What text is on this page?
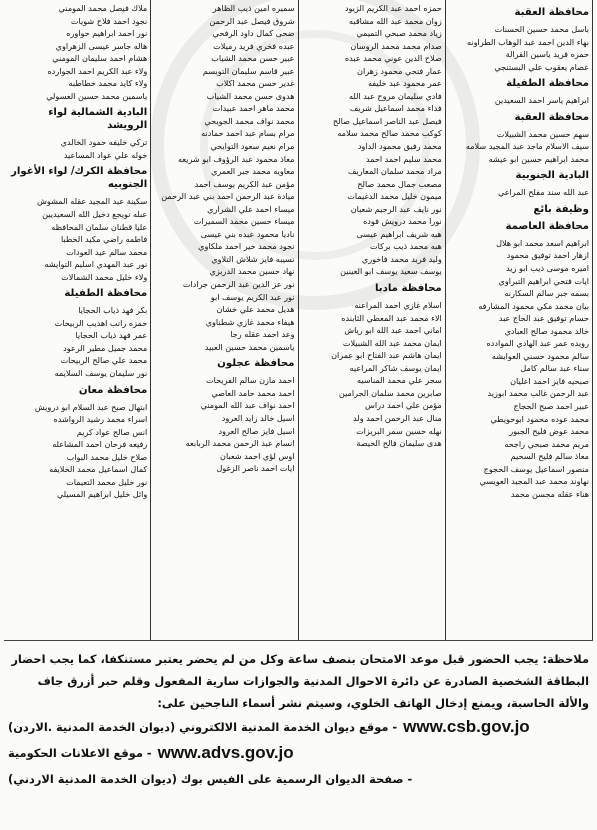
محافظة العقبة
باسل محمد حسين الحسنات
بهاء الدين احمد عبد الوهاب الطراونه
حمزه فريد ياسين القرالة
عصام يعقوب علي البستنجي
محافظة الطفيلة
ابراهيم ياسر احمد السعيدين
محافظة العقبة
سهم حسين محمد الشبيلات
سيف الاسلام ماجد عبد المجيد سلامه
محمد ابراهيم حسين ابو عيشه
البادية الجنوبية
عبد الله سند مفلح المراعي
وظيفة بائع
محافظة العاصمة
ابراهيم اسعد محمد ابو هلال
ازهار احمد توفيق محمود
اميره موسى ذيب ابو زيد
ايات فتحي ابراهيم التبراوي
بسمه جبر سالم السكارنه
بيان محمد مكي محمود المشارفه
حسام توفيق عبد الحاج عبد
خالد محمود صالح العبادي
رويده عمر عبد الهادي الموادده
سالم محمود حسني العوايشه
سناء عبد سالم كامل
صبحيه فايز احمد اعليان
عبد الرحمن غالب محمد ابوزيد
عبير احمد صبح الحجاج
محمد عوده محمود ابوحويطي
محمد عوض فليح الجبور
مريم محمد صبحي راجحه
معاذ سالم فليح السحيم
منصور اسماعيل يوسف الحجوج
نهاوند محمد عبد المجيد العويسي
هناء عقله محسن محمد
حمزه احمد عبد الكريم الزيود
زوان محمد عبد الله مشاقبه
زياد محمد صبحي التميمي
صدام محمد محمد الروسان
صلاح الدين عوني محمد عبده
عمار فتحي محمود زهران
عمر محمود عبد خليفه
فادي سليمان مروح عبد الله
فداء محمد اسماعيل شريف
فيصل عبد الناصر اسماعيل صالح
كوكب محمد صالح محمد سلامه
محمد رفيق محمود الداود
محمد سليم احمد احمد
مراد محمد سلمان المعاريف
مصعب جمال محمد صالح
ميمون خليل محمد الدغيمات
نور نايف عبد الرحيم شعبان
نورا محمد درويش فوده
هبه شريف ابراهيم عيسى
هبه محمد ذيب بركات
وليد فريد محمد فاخوري
يوسف سعيد يوسف ابو العينين
محافظة مادبا
اسلام غازي احمد المراعنه
الاء محمد عبد المعطي الثابنده
اماني احمد عبد الله ابو رياش
ايمان محمد عبد الله الشبيلات
ايمان هاشم عبد الفتاح ابو عمران
ايمان يوسف شاكر المراعيه
سجر علي محمد المناسيه
صابرين محمد سلمان الجرامين
مؤمن علي احمد دراس
منال عبد الرحمن احمد ولد
نهله حسين سمر البريزات
هدى سليمان فالح الحيصة
سميره امين ذيب الظاهر
شروق فيصل عبد الرحمن
ضحى كمال داود الرفحي
عبده فخري فريد رميلات
عبير حسن محمد الشياب
عبير قاسم سليمان التويسم
غدير حسن محمد اكلاب
هدوى حسن محمد الشياب
محمد ماهر احمد عبيدات
محمد نواف محمد الجويحي
مرام بسام عبد احمد حمادنه
مرام نعيم سعود التوايحي
معاذ محمود عبد الرؤوف ابو شريعه
معاويه محمد جبر العمري
مؤمن عبد الكريم يوسف احمد
ميادة عبد الرحمن احمد بني عبد الرحمن
ميساء احمد علي الشراري
ميساء حسين محمد السميرات
ناديا محمود عبده بني عيسى
نجود محمد خير احمد ملكاوي
نسيبه فايز شلاش التلاوي
نهاد حسين محمد الدربزي
نور عز الدين عبد الرحمن جرادات
نور عبد الكريم يوسف ابو
هديل محمد علي خشان
هيفاء محمد غازي شطناوي
وعد احمد عقله رجا
ياسمين محمد حسين العبيد
محافظة عجلون
احمد مازن سالم الفريحات
احمد محمد حامد العاصي
احمد نواف عبد الله المومني
اسيل خالد زايد العرود
اسيل فايز صالح العرود
انسام عبد الرحمن محمد الربابعه
اوس لؤي احمد شعبان
ايات احمد ناصر الزغول
ملاك فيصل محمد المومني
نجود احمد فلاح شويات
نور احمد ابراهيم حواوره
هاله جاسر عيسى الزهراوي
هشام احمد سليمان المومني
ولاء عبد الكريم احمد الجوارده
ولاء كايد محمد خطاطبه
ياسمين محمد حسين العسولي
البادية الشمالية لواء الرويشد
تركي خليفه حمود الخالدي
خوله علي عواد المساعيد
محافظة الكرك/ لواء الأغوار الجنوبيه
سكينة عبد المجيد عقله المشوش
عبله نويجع دخيل الله السعيديين
عليا قطنان سلمان المحافظه
فاطمه راضي مكيد الخطبا
محمد سالم عيد العودات
نور عبد المهدي اسليم التوايشه
ولاء خليل محمد الشمالات
محافظة الطفيلة
بكر فهد ذياب الحجايا
حمزه راتب اهديب الربيحات
عمر فهد ذياب الحجايا
محمد جميل مطير الرعود
محمد علي صالح الربيحات
نور سليمان يوسف السلايمه
محافظة معان
ابتهال صبح عبد السلام ابو درويش
اسراء محمد رشيد الرواشده
انس صالح عواد كريم
رفيعه فرحان احمد المشاعله
صلاح خليل محمد البواب
كمال اسماعيل محمد الخلايفه
نور خليل محمد التعيمات
وائل خليل ابراهيم المسيلي
ملاحظة: يجب الحضور قبل موعد الامتحان بنصف ساعة وكل من لم يحضر يعتبر مستنكفا، كما يجب احضار البطاقة الشخصية الصادرة عن دائرة الاحوال المدنية والجوازات سارية المفعول وقلم حبر أزرق جاف والألة الحاسبة، ويمنع إدخال الهاتف الخلوي، وسيتم نشر أسماء الناجحين على:
- موقع ديوان الخدمة المدنية الالكتروني (ديوان الخدمة المدنية .الاردن) www.csb.gov.jo
- موقع الاعلانات الحكومية www.advs.gov.jo
- صفحة الديوان الرسمية على الفيس بوك (ديوان الخدمة المدنية الاردني)
